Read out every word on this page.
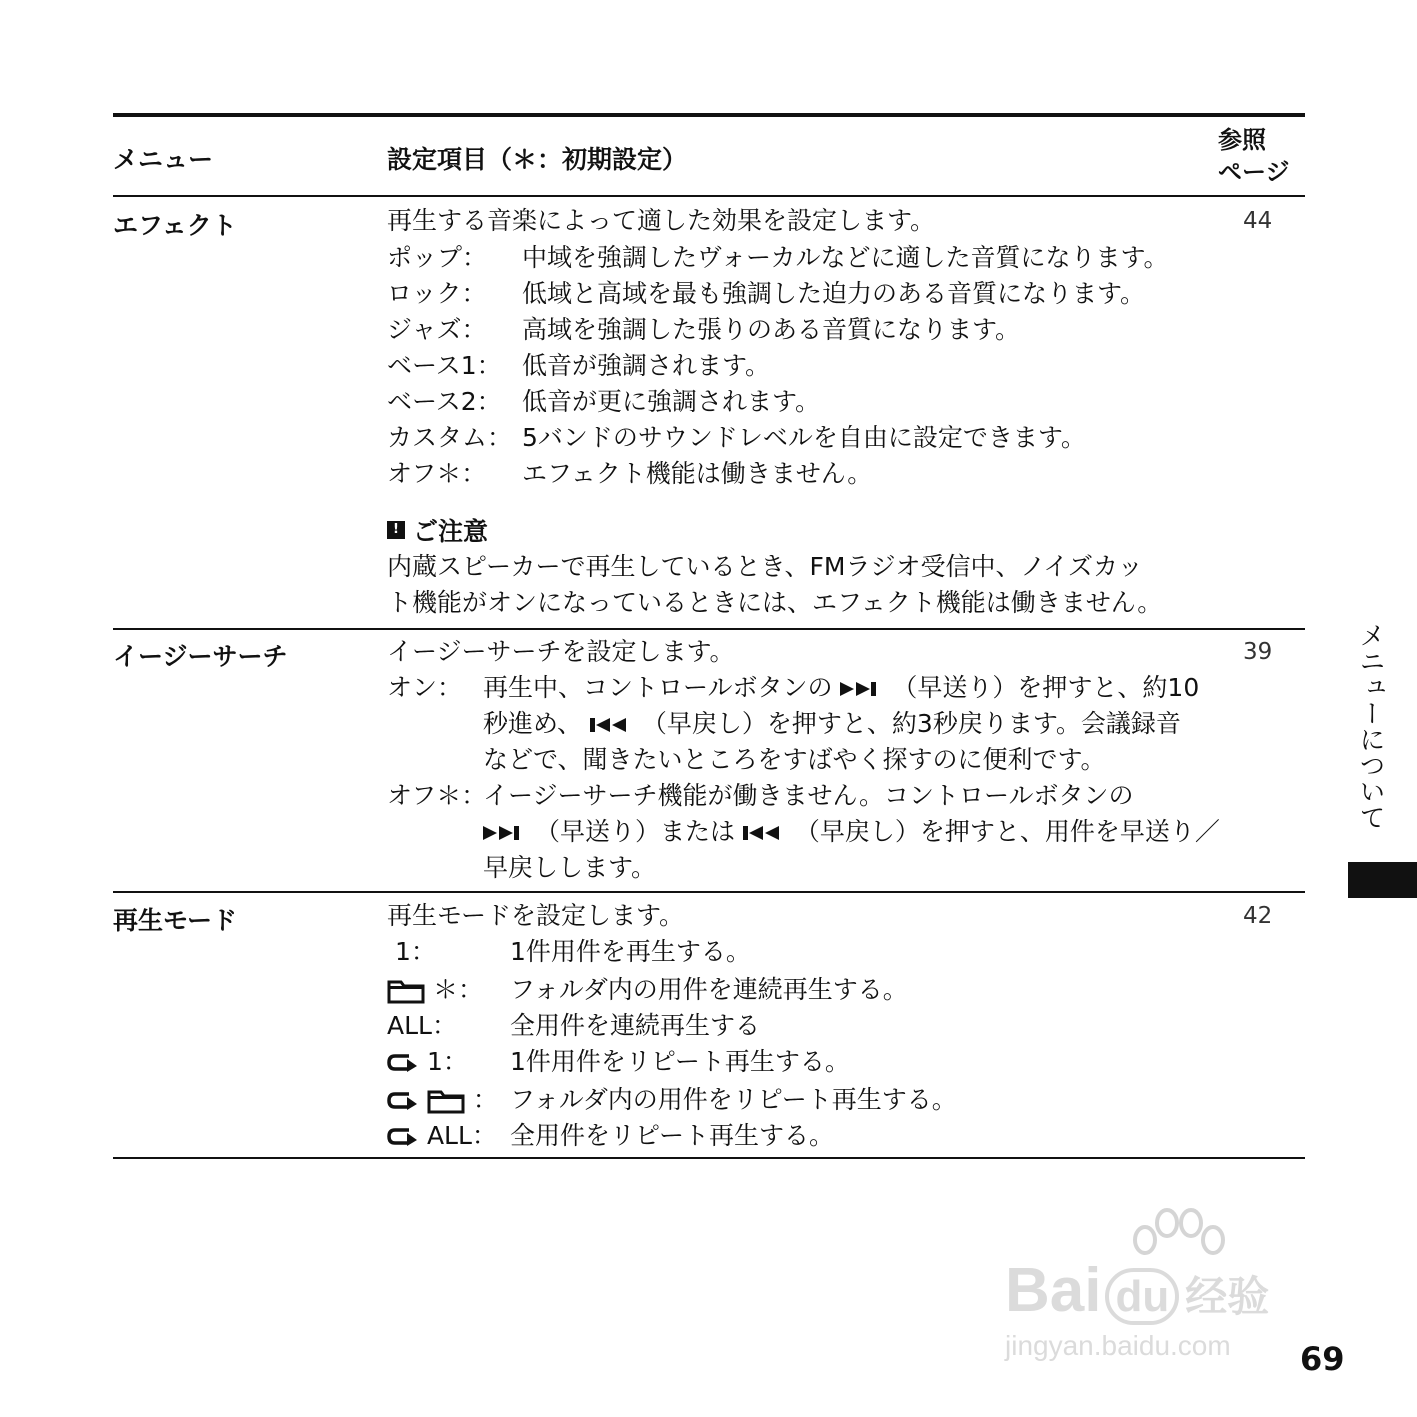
メニュー	設定項目（＊：初期設定）
参照
ページ
エフェクト	44
再生する音楽によって適した効果を設定します。
ポップ： 中域を強調したヴォーカルなどに適した音質になります。
ロック： 低域と高域を最も強調した迫力のある音質になります。
ジャズ： 高域を強調した張りのある音質になります。
ベース1： 低音が強調されます。
ベース2： 低音が更に強調されます。
カスタム： 5バンドのサウンドレベルを自由に設定できます。
オフ＊： エフェクト機能は働きません。
! ご注意
内蔵スピーカーで再生しているとき、FMラジオ受信中、ノイズカッ
ト機能がオンになっているときには、エフェクト機能は働きません。
イージーサーチ	39
イージーサーチを設定します。
オン： 再生中、コントロールボタンの （早送り）を押すと、約10
秒進め、 （早戻し）を押すと、約3秒戻ります。会議録音
などで、聞きたいところをすばやく探すのに便利です。
オフ＊：
イージーサーチ機能が働きません。コントロールボタンの
（早送り）または （早戻し）を押すと、用件を早送り／
早戻しします。
再生モード	42
再生モードを設定します。
1：	1件用件を再生する。
＊： フォルダ内の用件を連続再生する。
ALL： 全用件を連続再生する
1： 1件用件をリピート再生する。
： フォルダ内の用件をリピート再生する。
ALL： 全用件をリピート再生する。
メニューについて
Bai du 经验
jingyan.baidu.com 69
